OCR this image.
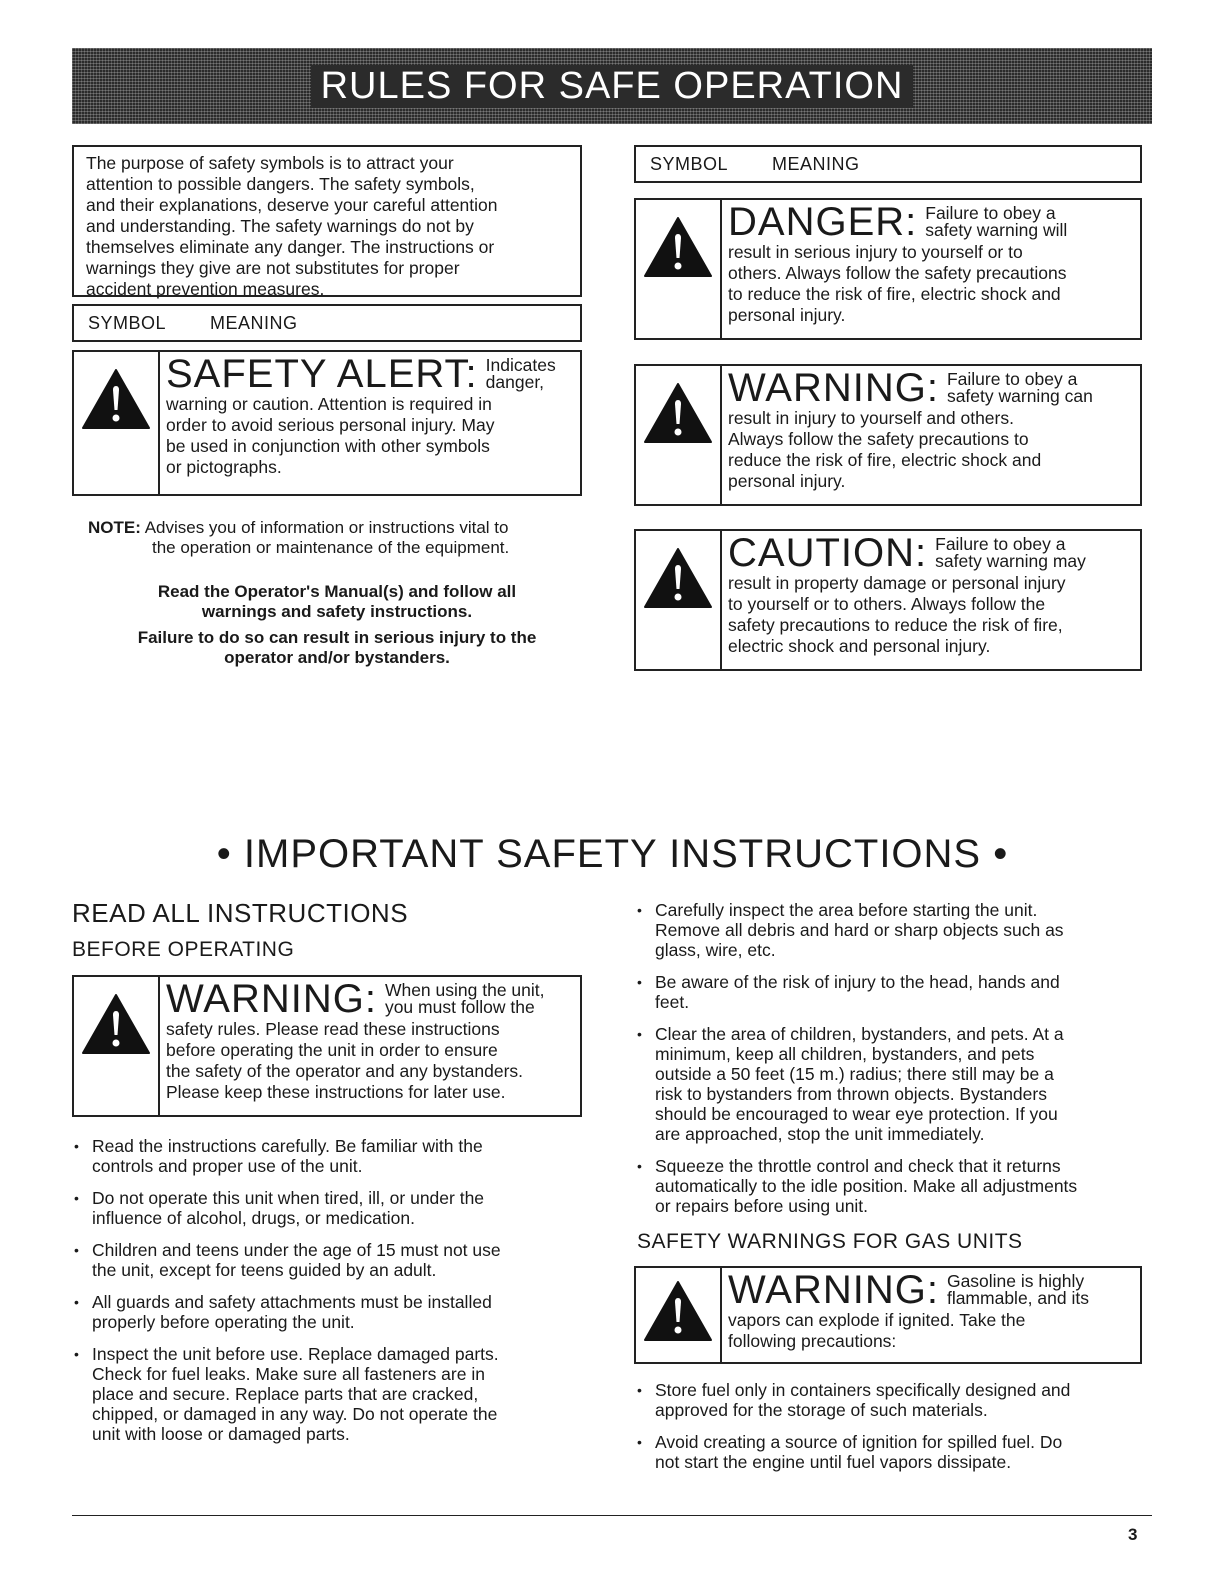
RULES FOR SAFE OPERATION
The purpose of safety symbols is to attract your
attention to possible dangers. The safety symbols,
and their explanations, deserve your careful attention
and understanding. The safety warnings do not by
themselves eliminate any danger. The instructions or
warnings they give are not substitutes for proper
accident prevention measures.
SYMBOL MEANING
SAFETY ALERT: Indicates
danger,
warning or caution. Attention is required in
order to avoid serious personal injury. May
be used in conjunction with other symbols
or pictographs.
NOTE: Advises you of information or instructions vital to
the operation or maintenance of the equipment.
Read the Operator's Manual(s) and follow all
warnings and safety instructions.
Failure to do so can result in serious injury to the
operator and/or bystanders.
SYMBOL MEANING
DANGER: Failure to obey a
safety warning will
result in serious injury to yourself or to
others. Always follow the safety precautions
to reduce the risk of fire, electric shock and
personal injury.
WARNING: Failure to obey a
safety warning can
result in injury to yourself and others.
Always follow the safety precautions to
reduce the risk of fire, electric shock and
personal injury.
CAUTION: Failure to obey a
safety warning may
result in property damage or personal injury
to yourself or to others. Always follow the
safety precautions to reduce the risk of fire,
electric shock and personal injury.
• IMPORTANT SAFETY INSTRUCTIONS •
READ ALL INSTRUCTIONS
BEFORE OPERATING
WARNING: When using the unit,
you must follow the
safety rules. Please read these instructions
before operating the unit in order to ensure
the safety of the operator and any bystanders.
Please keep these instructions for later use.
• Read the instructions carefully. Be familiar with the
controls and proper use of the unit.
• Do not operate this unit when tired, ill, or under the
influence of alcohol, drugs, or medication.
• Children and teens under the age of 15 must not use
the unit, except for teens guided by an adult.
• All guards and safety attachments must be installed
properly before operating the unit.
• Inspect the unit before use. Replace damaged parts.
Check for fuel leaks. Make sure all fasteners are in
place and secure. Replace parts that are cracked,
chipped, or damaged in any way. Do not operate the
unit with loose or damaged parts.
• Carefully inspect the area before starting the unit.
Remove all debris and hard or sharp objects such as
glass, wire, etc.
• Be aware of the risk of injury to the head, hands and
feet.
• Clear the area of children, bystanders, and pets. At a
minimum, keep all children, bystanders, and pets
outside a 50 feet (15 m.) radius; there still may be a
risk to bystanders from thrown objects. Bystanders
should be encouraged to wear eye protection. If you
are approached, stop the unit immediately.
• Squeeze the throttle control and check that it returns
automatically to the idle position. Make all adjustments
or repairs before using unit.
SAFETY WARNINGS FOR GAS UNITS
WARNING: Gasoline is highly
flammable, and its
vapors can explode if ignited. Take the
following precautions:
• Store fuel only in containers specifically designed and
approved for the storage of such materials.
• Avoid creating a source of ignition for spilled fuel. Do
not start the engine until fuel vapors dissipate.
3
